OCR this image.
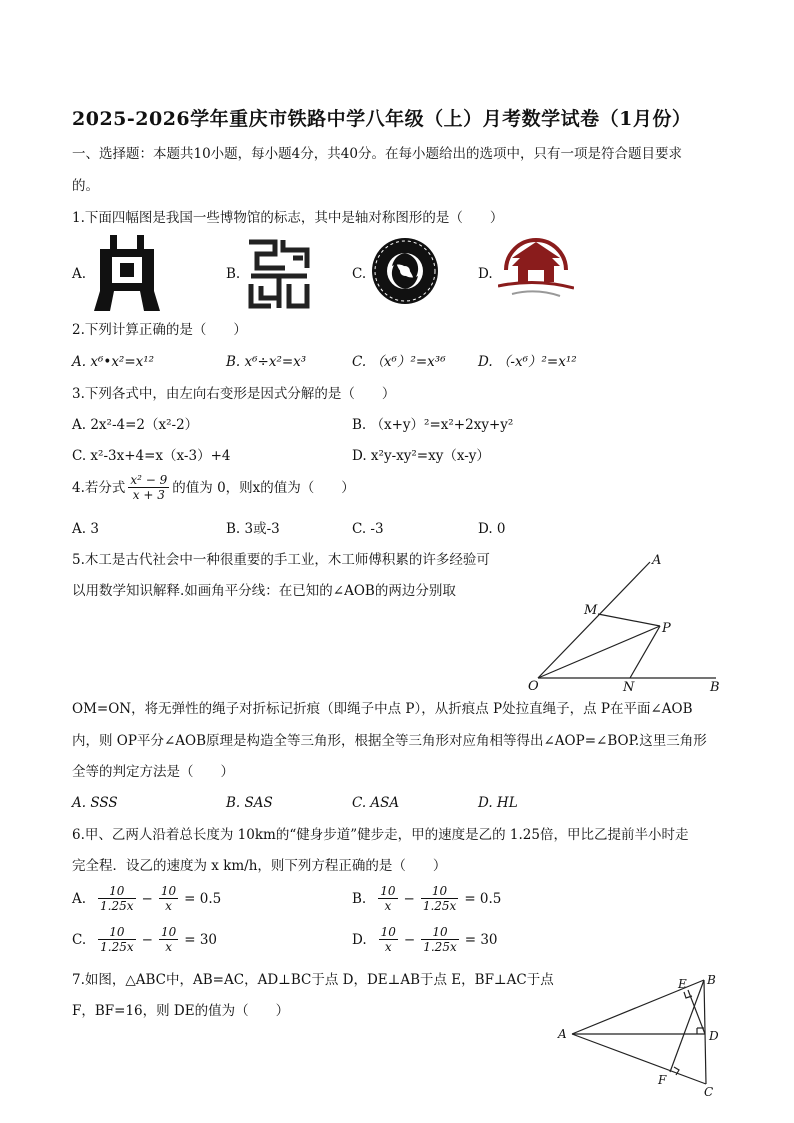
2025-2026学年重庆市铁路中学八年级（上）月考数学试卷（1月份）
一、选择题：本题共10小题，每小题4分，共40分。在每小题给出的选项中，只有一项是符合题目要求
的。
1.下面四幅图是我国一些博物馆的标志，其中是轴对称图形的是（　　）
A.	B.	C.	D.
2.下列计算正确的是（　　）
A. x⁶•x²=x¹²	B. x⁶÷x²=x³	C. （x⁶）²=x³⁶ D. （-x⁶）²=x¹²
3.下列各式中，由左向右变形是因式分解的是（　　）
A. 2x²-4=2（x²-2）	B. （x+y）²=x²+2xy+y²
C. x²-3x+4=x（x-3）+4	D. x²y-xy²=xy（x-y）
4.若分式 $\frac{\text{x² − 9}}{x + 3}$ 的值为 0，则x的值为（　　）
A. 3	B. 3或-3	C. -3	D. 0
5.木工是古代社会中一种很重要的手工业，木工师傅积累的许多经验可
以用数学知识解释.如画角平分线：在已知的∠AOB的两边分别取
A
M
P
O	N	B
OM=ON，将无弹性的绳子对折标记折痕（即绳子中点 P），从折痕点 P处拉直绳子，点 P在平面∠AOB
内，则 OP平分∠AOB原理是构造全等三角形，根据全等三角形对应角相等得出∠AOP=∠BOP.这里三角形
全等的判定方法是（　　）
A. SSS	B. SAS	C. ASA	D. HL
6.甲、乙两人沿着总长度为 10km的“健身步道”健步走，甲的速度是乙的 1.25倍，甲比乙提前半小时走
完全程．设乙的速度为 x km/h，则下列方程正确的是（　　）
A. $\frac{10}{1.25x} - \frac{10}{x} = 0.5$	B. $\frac{10}{x} - \frac{10}{1.25x} = 0.5$
C. $\frac{10}{1.25x} - \frac{10}{x} = 30$	D. $\frac{10}{x} - \frac{10}{1.25x} = 30$
7.如图，△ABC中，AB=AC，AD⊥BC于点 D，DE⊥AB于点 E，BF⊥AC于点
F，BF=16，则 DE的值为（　　）
E B
A	D
F
C
